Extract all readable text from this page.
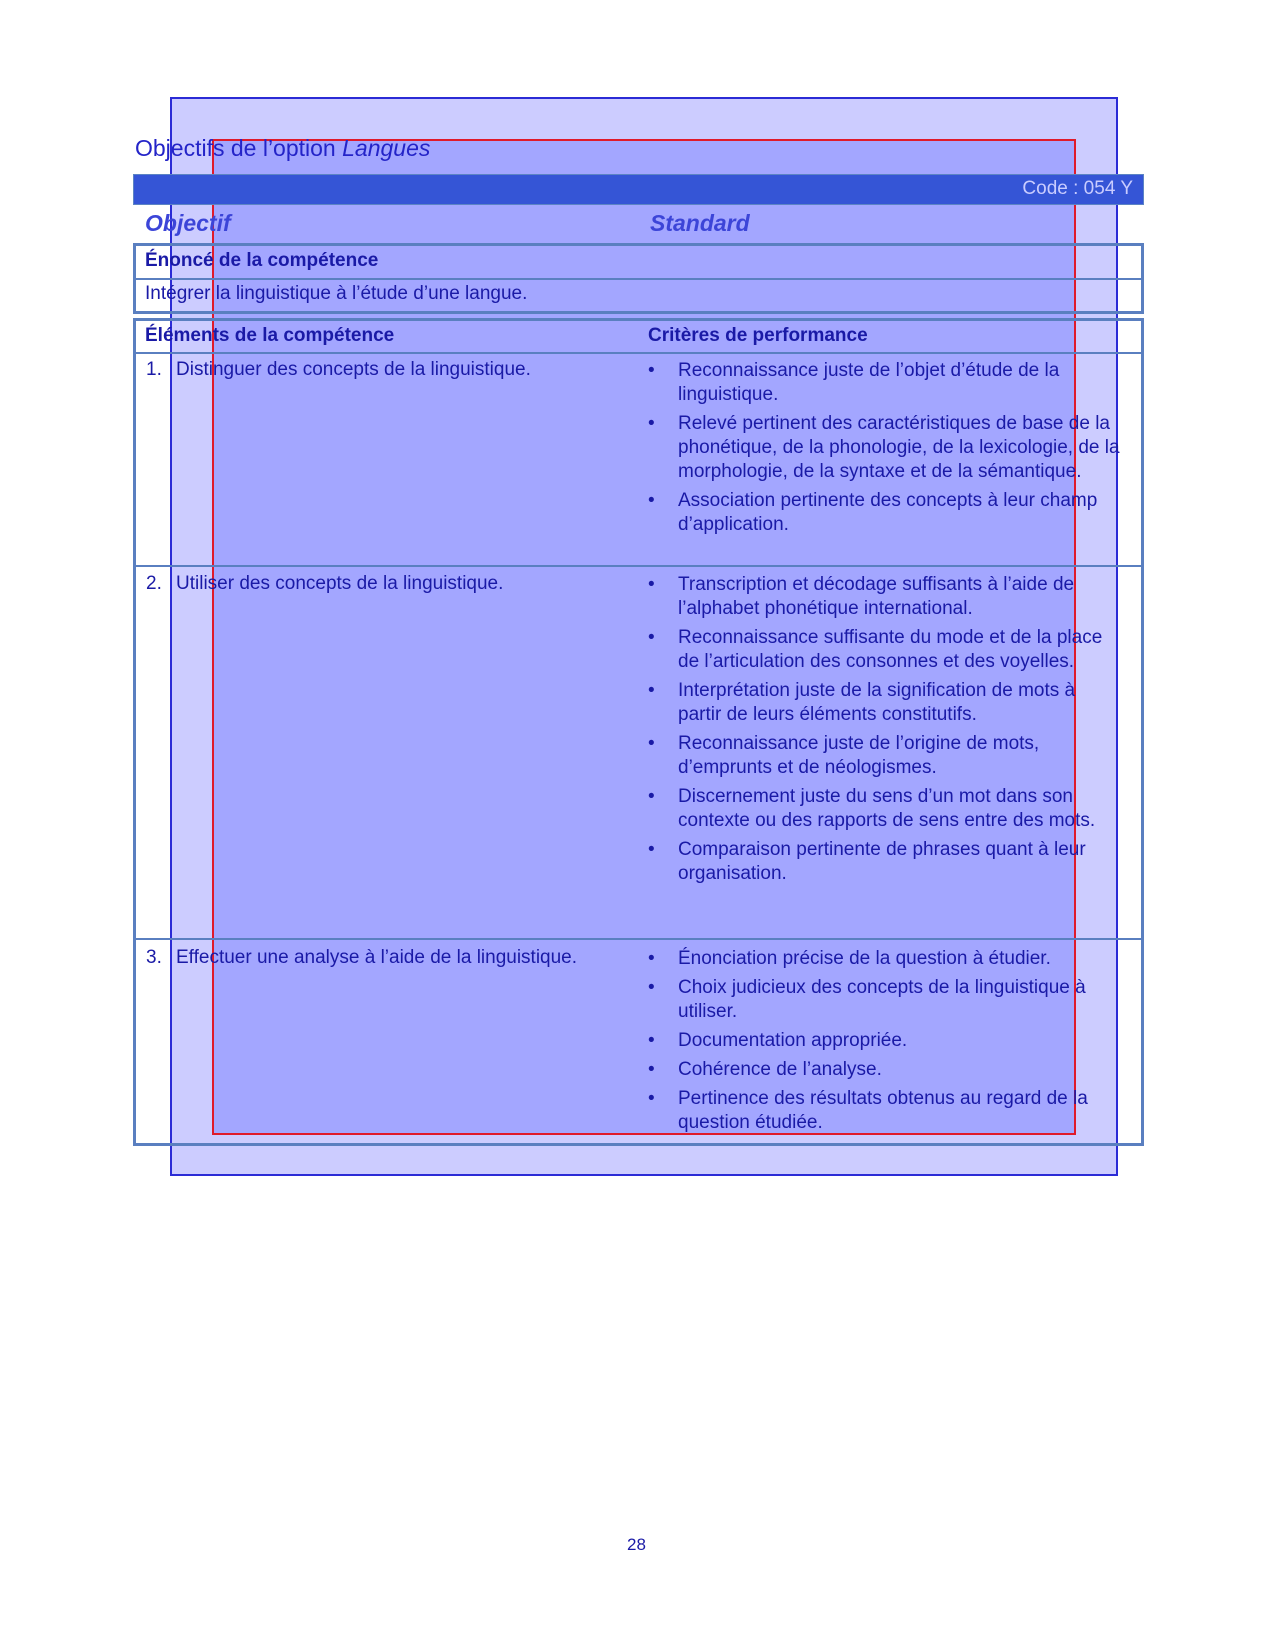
Objectifs de l’option Langues
Code : 054 Y
Objectif	Standard
Énoncé de la compétence
Intégrer la linguistique à l’étude d’une langue.
Éléments de la compétence	Critères de performance
1. Distinguer des concepts de la linguistique.	•	Reconnaissance juste de l’objet d’étude de la linguistique.
•	Relevé pertinent des caractéristiques de base de la phonétique, de la phonologie, de la lexicologie, de la morphologie, de la syntaxe et de la sémantique.
•	Association pertinente des concepts à leur champ d’application.
2. Utiliser des concepts de la linguistique.	•	Transcription et décodage suffisants à l’aide de l’alphabet phonétique international.
•	Reconnaissance suffisante du mode et de la place de l’articulation des consonnes et des voyelles.
•	Interprétation juste de la signification de mots à partir de leurs éléments constitutifs.
•	Reconnaissance juste de l’origine de mots, d’emprunts et de néologismes.
•	Discernement juste du sens d’un mot dans son contexte ou des rapports de sens entre des mots.
•	Comparaison pertinente de phrases quant à leur organisation.
3. Effectuer une analyse à l’aide de la linguistique.	•	Énonciation précise de la question à étudier.
•	Choix judicieux des concepts de la linguistique à utiliser.
•	Documentation appropriée.
•	Cohérence de l’analyse.
•	Pertinence des résultats obtenus au regard de la question étudiée.
28
